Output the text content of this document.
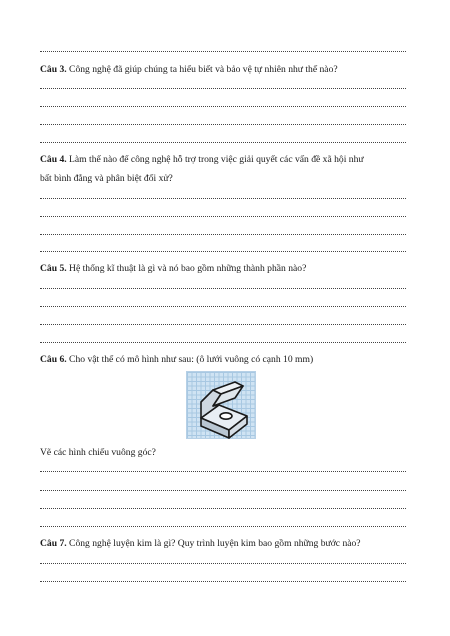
Câu 3. Công nghệ đã giúp chúng ta hiểu biết và bảo vệ tự nhiên như thế nào?
Câu 4. Làm thế nào để công nghệ hỗ trợ trong việc giải quyết các vấn đề xã hội như
bất bình đẳng và phân biệt đối xử?
Câu 5. Hệ thống kĩ thuật là gì và nó bao gồm những thành phần nào?
Câu 6. Cho vật thể có mô hình như sau: (ô lưới vuông có cạnh 10 mm)
Vẽ các hình chiếu vuông góc?
Câu 7. Công nghệ luyện kim là gì? Quy trình luyện kim bao gồm những bước nào?
